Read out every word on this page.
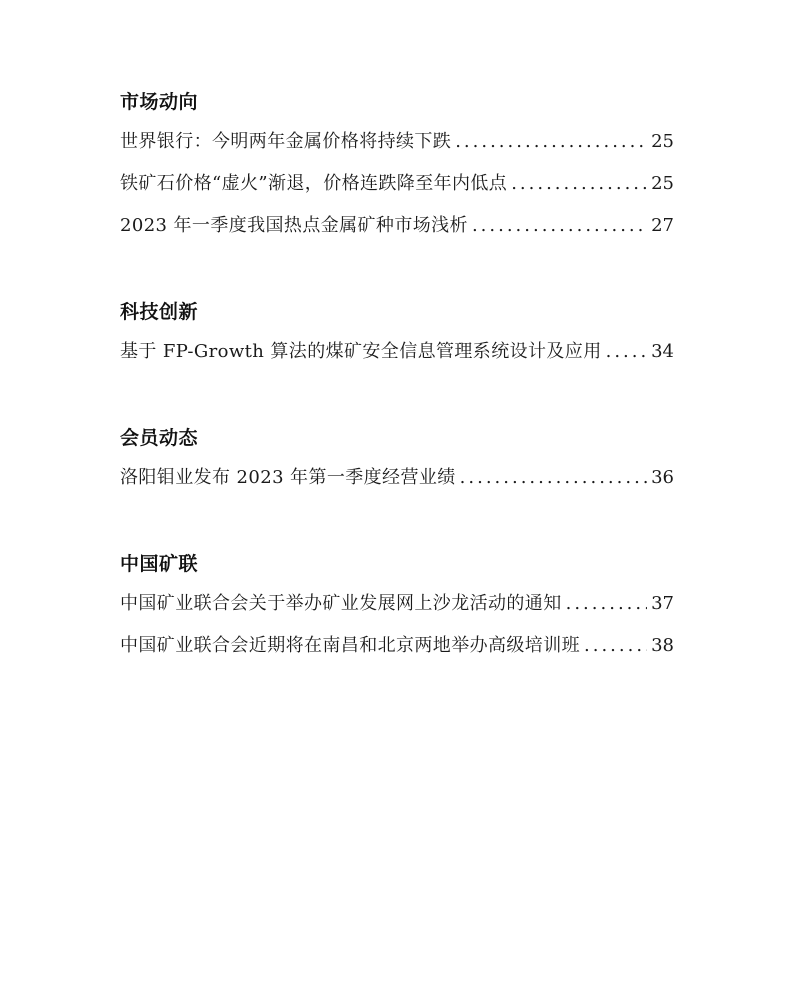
市场动向
世界银行：今明两年金属价格将持续下跌 .....	25
铁矿石价格“虚火”渐退，价格连跌降至年内低点 .....	25
2023 年一季度我国热点金属矿种市场浅析 .....	27
科技创新
基于 FP-Growth 算法的煤矿安全信息管理系统设计及应用 .....	34
会员动态
洛阳钼业发布 2023 年第一季度经营业绩 .....	36
中国矿联
中国矿业联合会关于举办矿业发展网上沙龙活动的通知 .....	37
中国矿业联合会近期将在南昌和北京两地举办高级培训班 .....	38
